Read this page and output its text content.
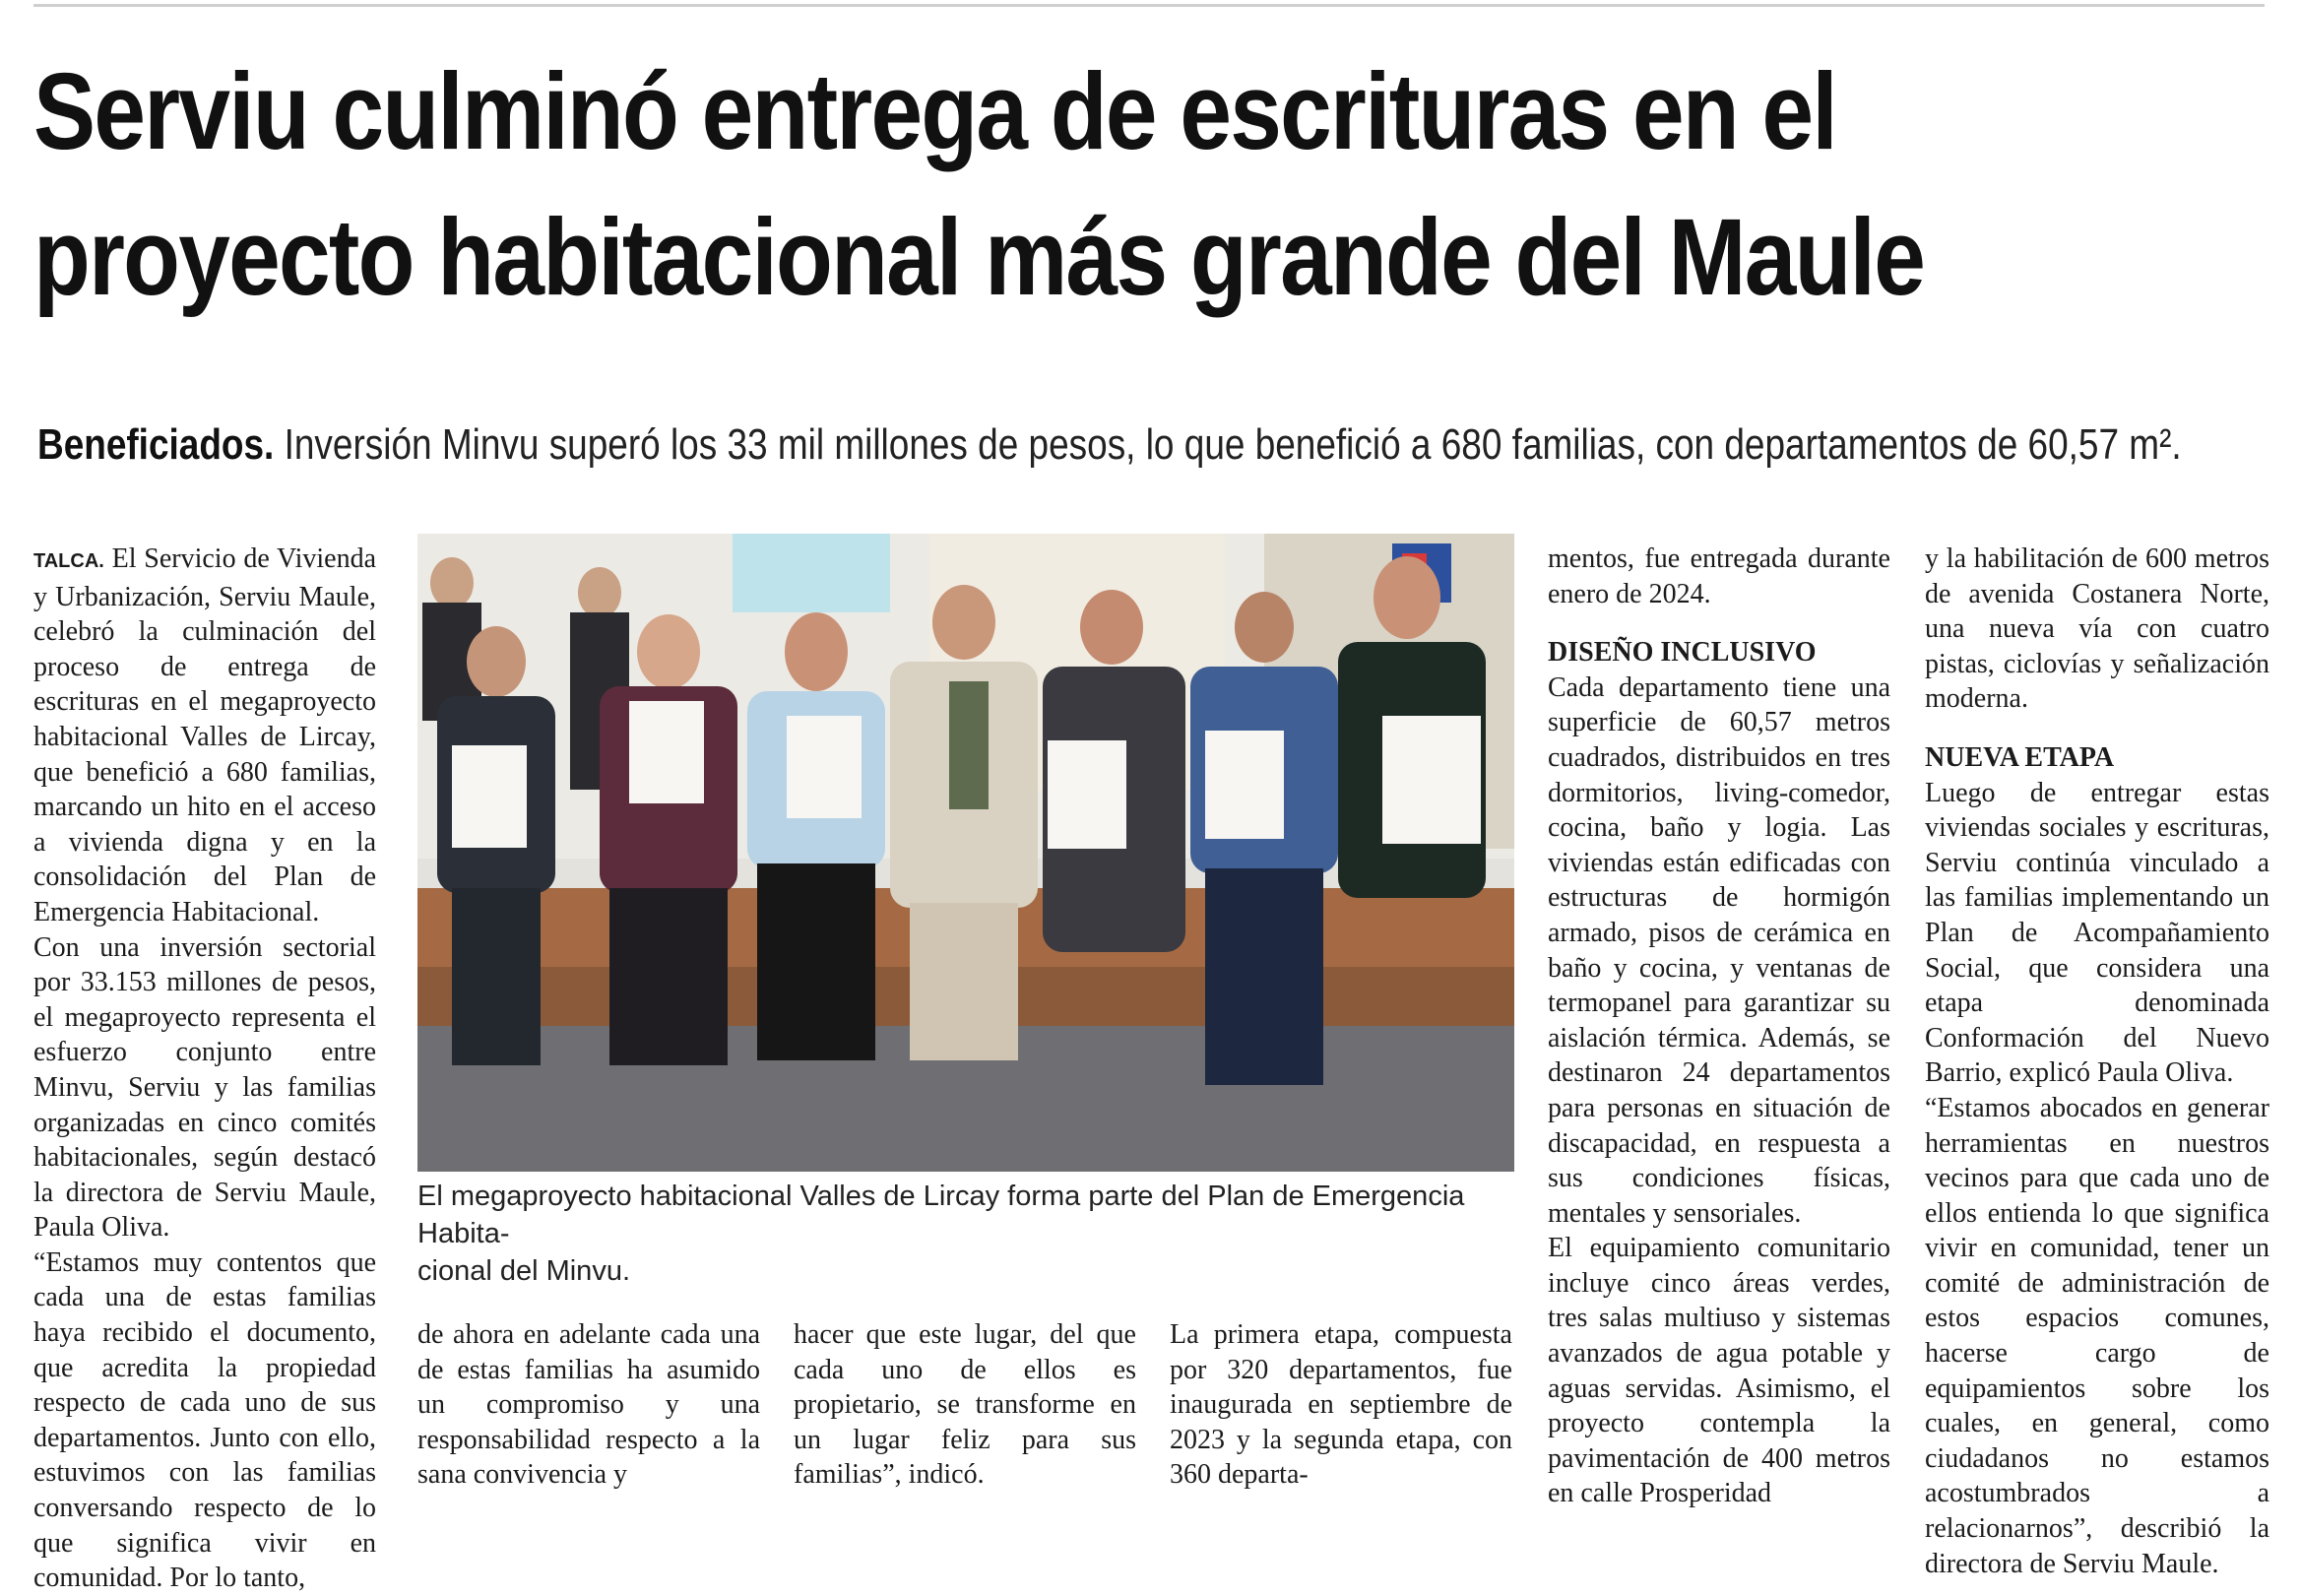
Serviu culminó entrega de escrituras en el
proyecto habitacional más grande del Maule
Beneficiados. Inversión Minvu superó los 33 mil millones de pesos, lo que benefició a 680 familias, con departamentos de 60,57 m².

TALCA. El Servicio de Vivienda y Urbanización, Serviu Maule, celebró la culminación del proceso de entrega de escrituras en el megaproyecto habitacional Valles de Lircay, que benefició a 680 familias, marcando un hito en el acceso a vivienda digna y en la consolidación del Plan de Emergencia Habitacional.

Con una inversión sectorial por 33.153 millones de pesos, el megaproyecto representa el esfuerzo conjunto entre Minvu, Serviu y las familias organizadas en cinco comités habitacionales, según destacó la directora de Serviu Maule, Paula Oliva.

“Estamos muy contentos que cada una de estas familias haya recibido el documento, que acredita la propiedad respecto de cada uno de sus departamentos. Junto con ello, estuvimos con las familias conversando respecto de lo que significa vivir en comunidad. Por lo tanto,

El megaproyecto habitacional Valles de Lircay forma parte del Plan de Emergencia Habita-
cional del Minvu.

de ahora en adelante cada una de estas familias ha asumido un compromiso y una responsabilidad respecto a la sana convivencia y

hacer que este lugar, del que cada uno de ellos es propietario, se transforme en un lugar feliz para sus familias”, indicó.

La primera etapa, compuesta por 320 departamentos, fue inaugurada en septiembre de 2023 y la segunda etapa, con 360 departa-

mentos, fue entregada durante enero de 2024.

DISEÑO INCLUSIVO

Cada departamento tiene una superficie de 60,57 metros cuadrados, distribuidos en tres dormitorios, living-comedor, cocina, baño y logia. Las viviendas están edificadas con estructuras de hormigón armado, pisos de cerámica en baño y cocina, y ventanas de termopanel para garantizar su aislación térmica. Además, se destinaron 24 departamentos para personas en situación de discapacidad, en respuesta a sus condiciones físicas, mentales y sensoriales.

El equipamiento comunitario incluye cinco áreas verdes, tres salas multiuso y sistemas avanzados de agua potable y aguas servidas. Asimismo, el proyecto contempla la pavimentación de 400 metros en calle Prosperidad

y la habilitación de 600 metros de avenida Costanera Norte, una nueva vía con cuatro pistas, ciclovías y señalización moderna.

NUEVA ETAPA

Luego de entregar estas viviendas sociales y escrituras, Serviu continúa vinculado a las familias implementando un Plan de Acompañamiento Social, que considera una etapa denominada Conformación del Nuevo Barrio, explicó Paula Oliva.

“Estamos abocados en generar herramientas en nuestros vecinos para que cada uno de ellos entienda lo que significa vivir en comunidad, tener un comité de administración de estos espacios comunes, hacerse cargo de equipamientos sobre los cuales, en general, como ciudadanos no estamos acostumbrados a relacionarnos”, describió la directora de Serviu Maule.
